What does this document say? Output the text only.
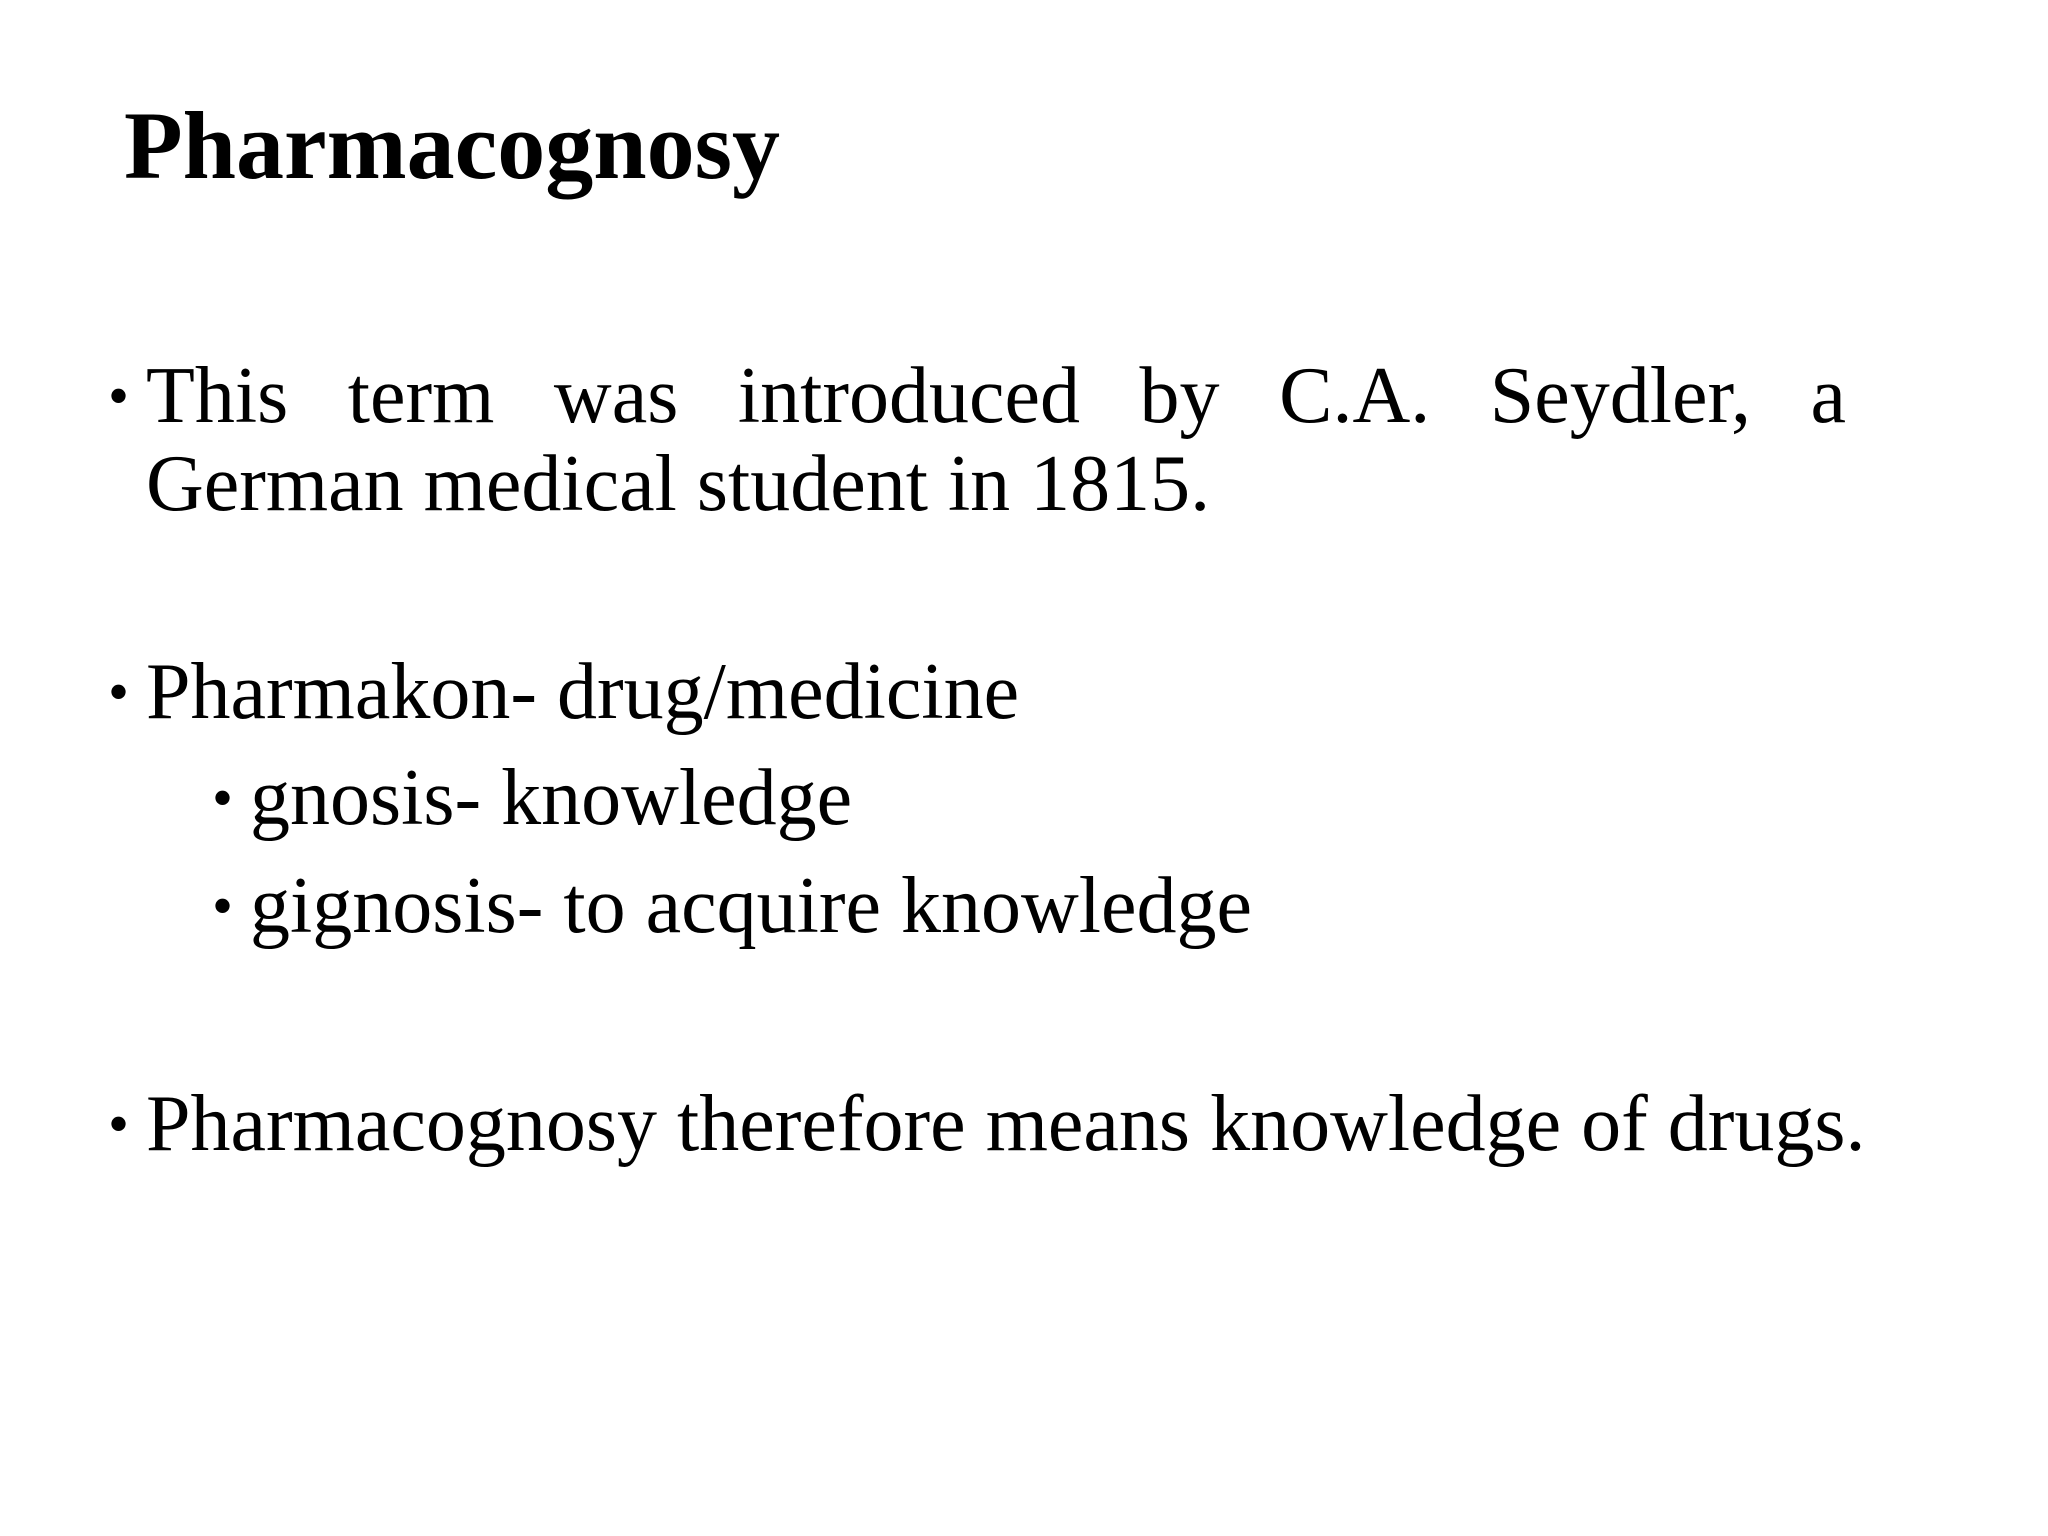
Pharmacognosy
• This term was introduced by C.A. Seydler, a
German medical student in 1815.
• Pharmakon- drug/medicine
• gnosis- knowledge
• gignosis- to acquire knowledge
• Pharmacognosy therefore means knowledge of drugs.
